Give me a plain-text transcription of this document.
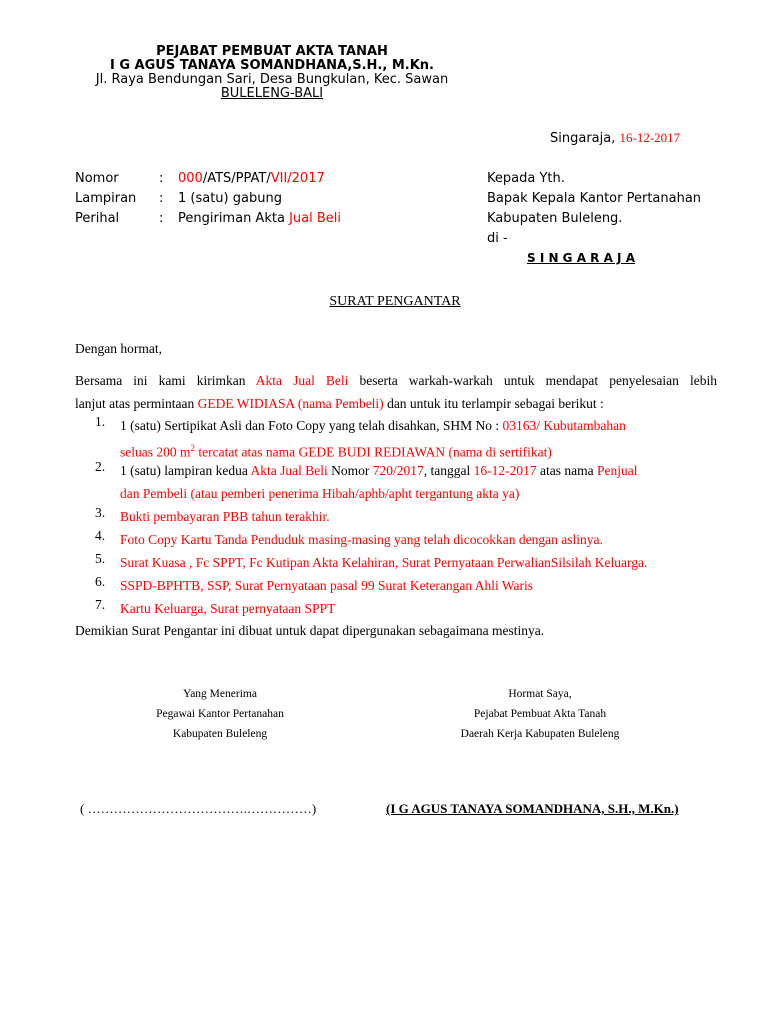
PEJABAT PEMBUAT AKTA TANAH
I G AGUS TANAYA SOMANDHANA,S.H., M.Kn.
Jl. Raya Bendungan Sari, Desa Bungkulan, Kec. Sawan
BULELENG-BALI
Singaraja, 16-12-2017
Nomor	: 000/ATS/PPAT/VII/2017
Lampiran : 1 (satu) gabung
Perihal	: Pengiriman Akta Jual Beli
Kepada Yth.
Bapak Kepala Kantor Pertanahan
Kabupaten Buleleng.
di -
S I N G A R A J A
SURAT PENGANTAR
Dengan hormat,
Bersama ini kami kirimkan Akta Jual Beli beserta warkah-warkah untuk mendapat penyelesaian lebih
lanjut atas permintaan GEDE WIDIASA (nama Pembeli) dan untuk itu terlampir sebagai berikut :
1. 1 (satu) Sertipikat Asli dan Foto Copy yang telah disahkan, SHM No : 03163/ Kubutambahan
seluas 200 $m^2$ tercatat atas nama GEDE BUDI REDIAWAN (nama di sertifikat)
2. 1 (satu) lampiran kedua Akta Jual Beli Nomor 720/2017, tanggal 16-12-2017 atas nama Penjual
dan Pembeli (atau pemberi penerima Hibah/aphb/apht tergantung akta ya)
3. Bukti pembayaran PBB tahun terakhir.
4. Foto Copy Kartu Tanda Penduduk masing-masing yang telah dicocokkan dengan aslinya.
5. Surat Kuasa , Fc SPPT, Fc Kutipan Akta Kelahiran, Surat Pernyataan PerwalianSilsilah Keluarga.
6. SSPD-BPHTB, SSP, Surat Pernyataan pasal 99 Surat Keterangan Ahli Waris
7. Kartu Keluarga, Surat pernyataan SPPT
Demikian Surat Pengantar ini dibuat untuk dapat dipergunakan sebagaimana mestinya.
Yang Menerima
Pegawai Kantor Pertanahan
Kabupaten Buleleng
Hormat Saya,
Pejabat Pembuat Akta Tanah
Daerah Kerja Kabupaten Buleleng
( ……………………………….……………)	(I G AGUS TANAYA SOMANDHANA, S.H., M.Kn.)
